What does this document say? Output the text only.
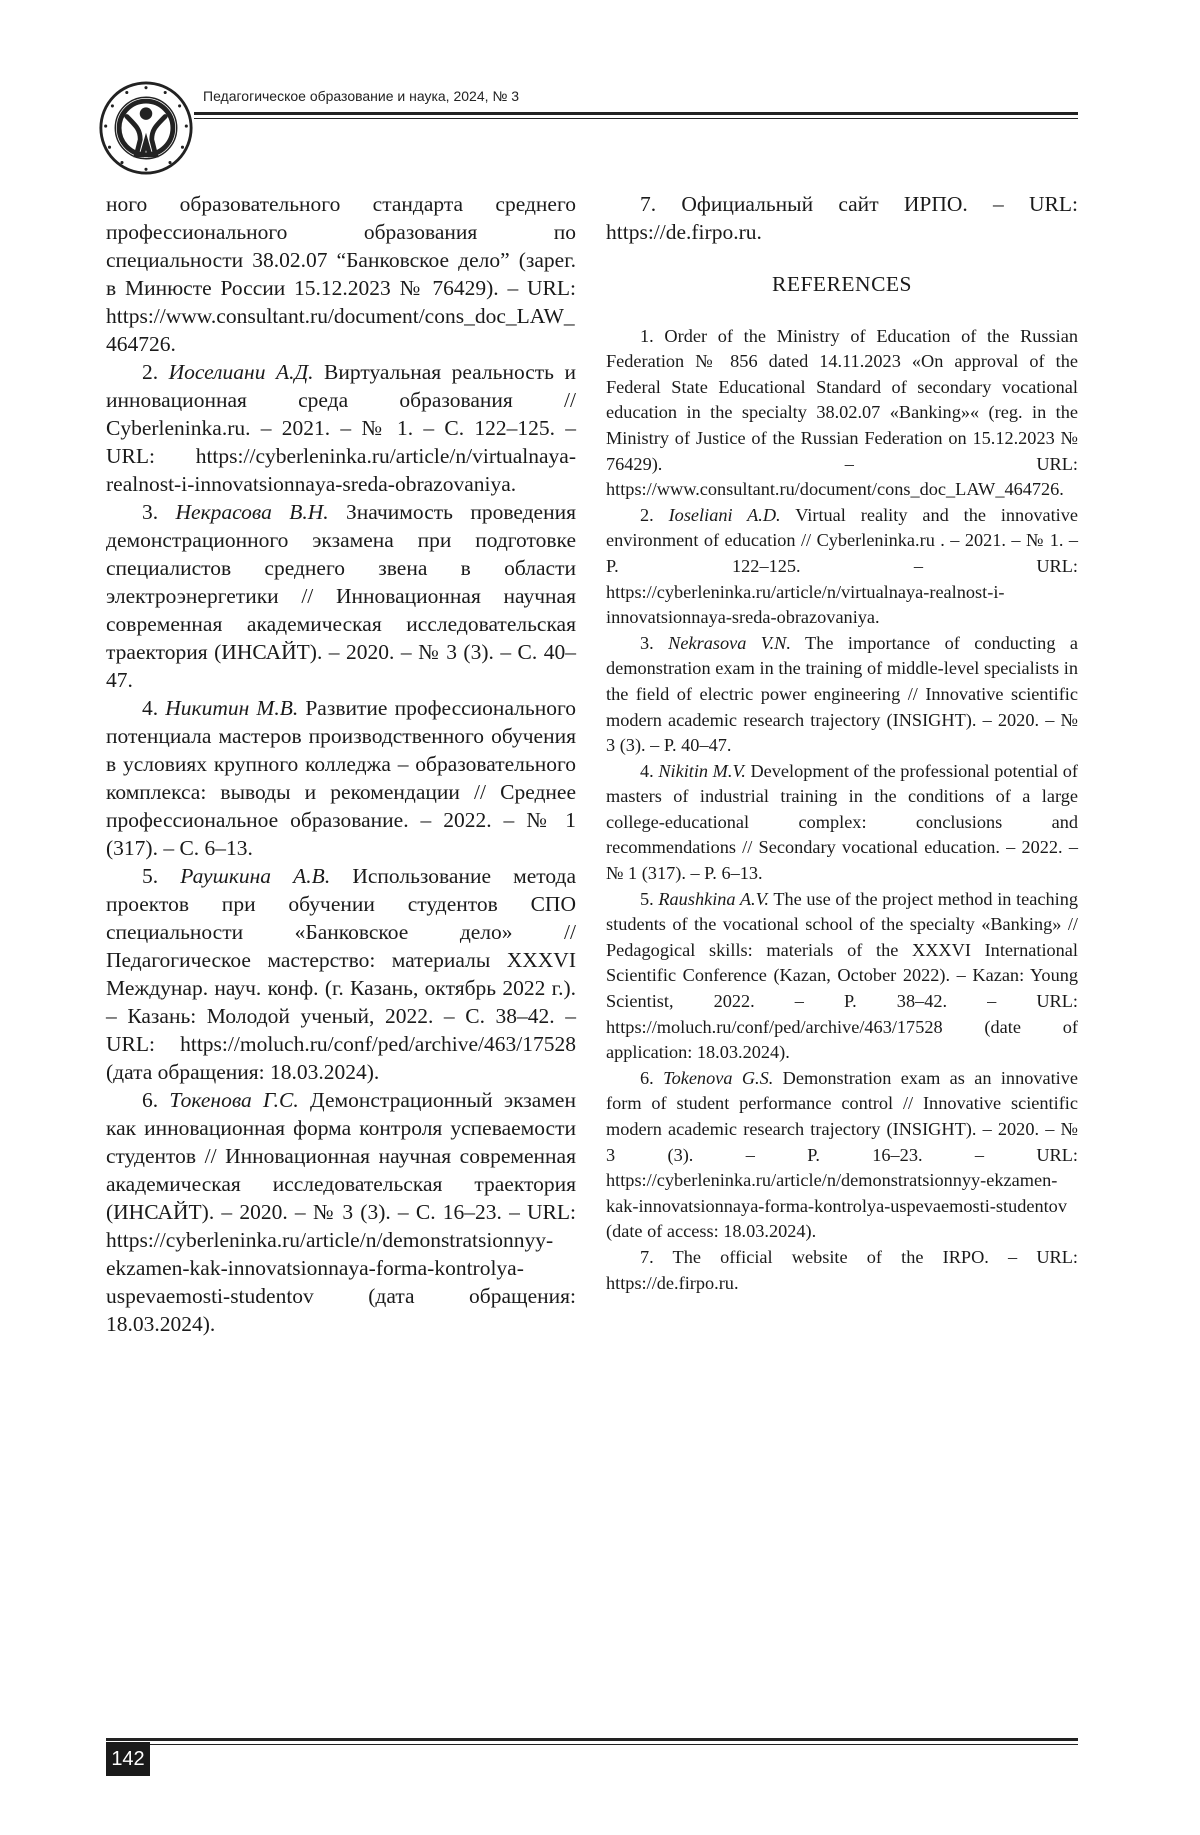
Педагогическое образование и наука, 2024, № 3

ного образовательного стандарта среднего профессионального образования по специальности 38.02.07 “Банковское дело” (зарег. в Минюсте России 15.12.2023 № 76429). – URL: https://www.consultant.ru/document/cons_doc_LAW_464726.

2. Иоселиани А.Д. Виртуальная реальность и инновационная среда образования // Cyberleninka.ru. – 2021. – № 1. – С. 122–125. – URL: https://cyberleninka.ru/article/n/virtualnaya-realnost-i-innovatsionnaya-sreda-obrazovaniya.

3. Некрасова В.Н. Значимость проведения демонстрационного экзамена при подготовке специалистов среднего звена в области электроэнергетики // Инновационная научная современная академическая исследовательская траектория (ИНСАЙТ). – 2020. – № 3 (3). – С. 40–47.

4. Никитин М.В. Развитие профессионального потенциала мастеров производственного обучения в условиях крупного колледжа – образовательного комплекса: выводы и рекомендации // Среднее профессиональное образование. – 2022. – № 1 (317). – С. 6–13.

5. Раушкина А.В. Использование метода проектов при обучении студентов СПО специальности «Банковское дело» // Педагогическое мастерство: материалы XXXVI Междунар. науч. конф. (г. Казань, октябрь 2022 г.). – Казань: Молодой ученый, 2022. – С. 38–42. – URL: https://moluch.ru/conf/ped/archive/463/17528 (дата обращения: 18.03.2024).

6. Токенова Г.С. Демонстрационный экзамен как инновационная форма контроля успеваемости студентов // Инновационная научная современная академическая исследовательская траектория (ИНСАЙТ). – 2020. – № 3 (3). – С. 16–23. – URL: https://cyberleninka.ru/article/n/demonstratsionnyy-ekzamen-kak-innovatsionnaya-forma-kontrolya-uspevaemosti-studentov (дата обращения: 18.03.2024).

7. Официальный сайт ИРПО. – URL: https://de.firpo.ru.

REFERENCES

1. Order of the Ministry of Education of the Russian Federation № 856 dated 14.11.2023 «On approval of the Federal State Educational Standard of secondary vocational education in the specialty 38.02.07 «Banking»« (reg. in the Ministry of Justice of the Russian Federation on 15.12.2023 № 76429). – URL: https://www.consultant.ru/document/cons_doc_LAW_464726.

2. Ioseliani A.D. Virtual reality and the innovative environment of education // Cyberleninka.ru . – 2021. – № 1. – P. 122–125. – URL: https://cyberleninka.ru/article/n/virtualnaya-realnost-i-innovatsionnaya-sreda-obrazovaniya.

3. Nekrasova V.N. The importance of conducting a demonstration exam in the training of middle-level specialists in the field of electric power engineering // Innovative scientific modern academic research trajectory (INSIGHT). – 2020. – № 3 (3). – P. 40–47.

4. Nikitin M.V. Development of the professional potential of masters of industrial training in the conditions of a large college-educational complex: conclusions and recommendations // Secondary vocational education. – 2022. – № 1 (317). – P. 6–13.

5. Raushkina A.V. The use of the project method in teaching students of the vocational school of the specialty «Banking» // Pedagogical skills: materials of the XXXVI International Scientific Conference (Kazan, October 2022). – Kazan: Young Scientist, 2022. – P. 38–42. – URL: https://moluch.ru/conf/ped/archive/463/17528 (date of application: 18.03.2024).

6. Tokenova G.S. Demonstration exam as an innovative form of student performance control // Innovative scientific modern academic research trajectory (INSIGHT). – 2020. – № 3 (3). – P. 16–23. – URL: https://cyberleninka.ru/article/n/demonstratsionnyy-ekzamen-kak-innovatsionnaya-forma-kontrolya-uspevaemosti-studentov (date of access: 18.03.2024).

7. The official website of the IRPO. – URL: https://de.firpo.ru.

142
